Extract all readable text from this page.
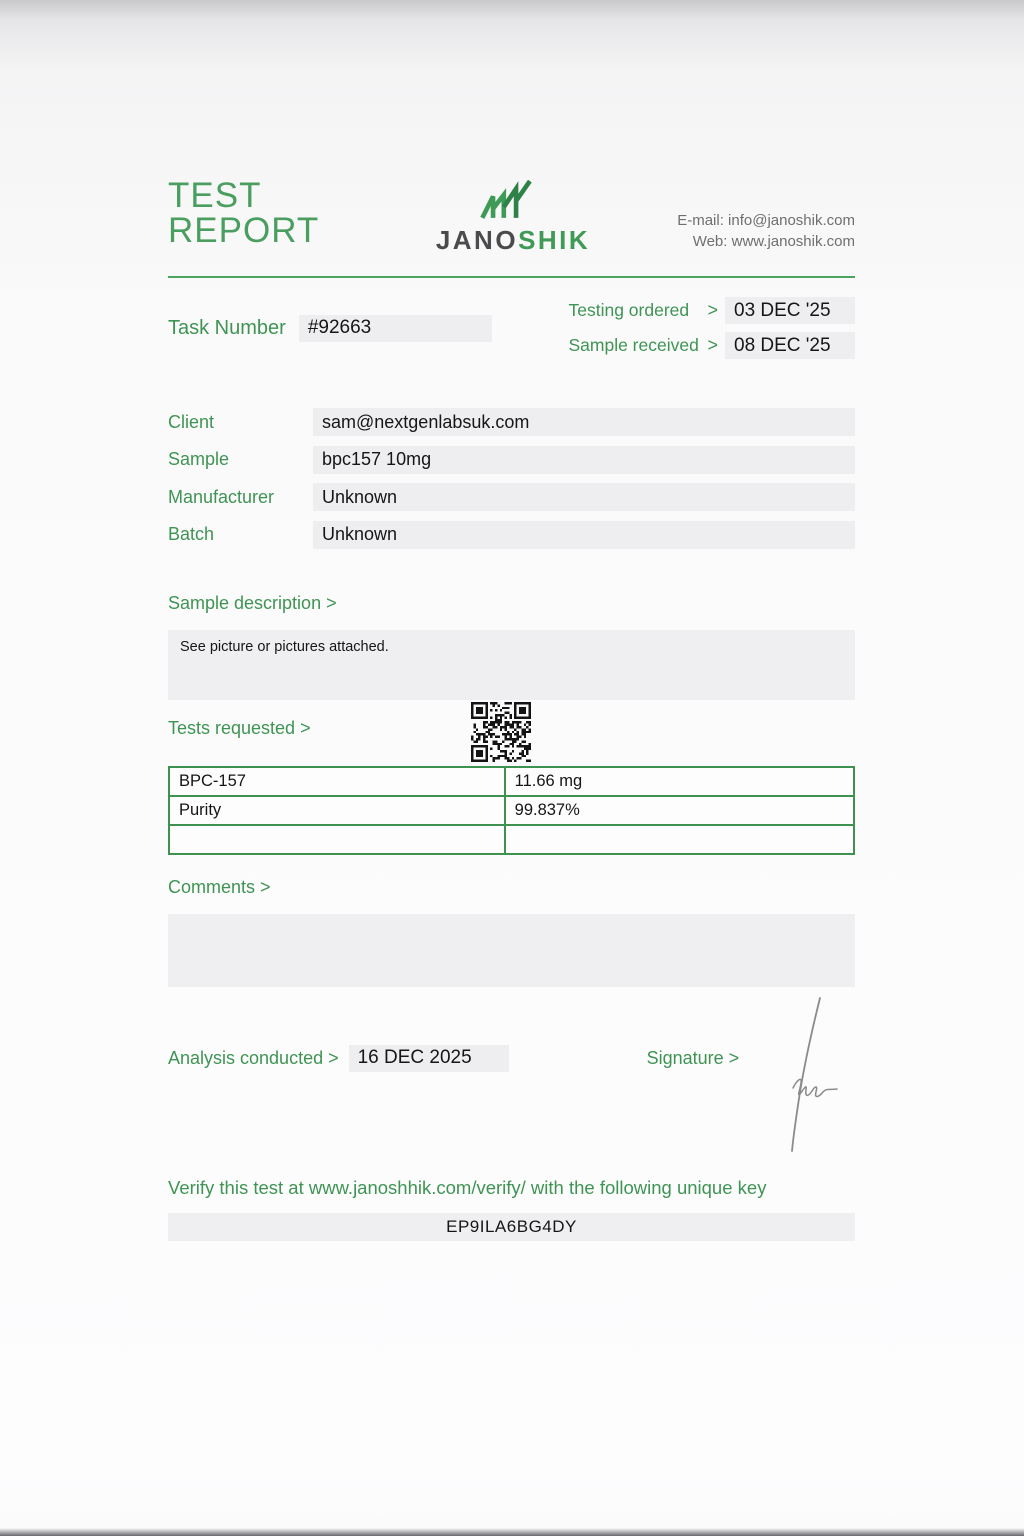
TEST REPORT	JANOSHIK
E-mail: info@janoshik.com
Web: www.janoshik.com
Task Number	#92663
Testing ordered	> 03 DEC '25
Sample received > 08 DEC '25
Client	sam@nextgenlabsuk.com
Sample	bpc157 10mg
Manufacturer	Unknown
Batch	Unknown
Sample description >
See picture or pictures attached.
Tests requested >
BPC-157	11.66 mg
Purity	99.837%

Comments >
Analysis conducted >	16 DEC 2025	Signature >
Verify this test at www.janoshhik.com/verify/ with the following unique key
EP9ILA6BG4DY
